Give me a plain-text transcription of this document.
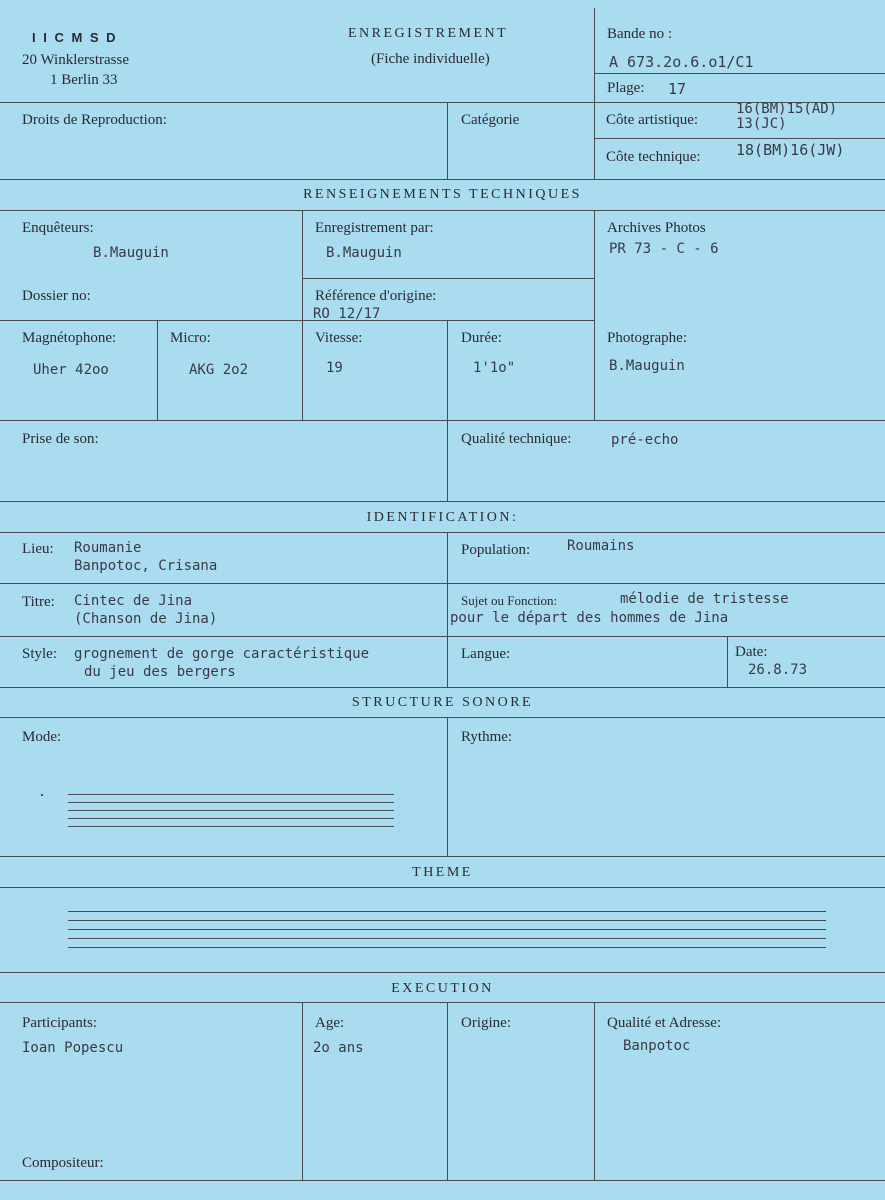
I I C M S D
20 Winklerstrasse
1 Berlin 33
ENREGISTREMENT
(Fiche individuelle)
Bande no :
A 673.2o.6.o1/C1
Plage: 17
Droits de Reproduction:	Catégorie	Côte artistique:
16(BM)15(AD)
13(JC)
Côte technique: 18(BM)16(JW)
RENSEIGNEMENTS TECHNIQUES
Enquêteurs:
B.Mauguin
Enregistrement par:
B.Mauguin
Archives Photos
PR 73 - C - 6
Dossier no:	Référence d'origine:
RO 12/17
Magnétophone:
Uher 42oo
Micro:
AKG 2o2
Vitesse:
19
Durée:
1'1o"
Photographe:
B.Mauguin
Prise de son:	Qualité technique:	pré-echo
IDENTIFICATION:
Lieu: Roumanie
Banpotoc, Crisana
Population:	Roumains
Titre: Cintec de Jina
(Chanson de Jina)
Sujet ou Fonction:	mélodie de tristesse
pour le départ des hommes de Jina
Style: grognement de gorge caractéristique
du jeu des bergers
Langue:	Date:
26.8.73
STRUCTURE SONORE
Mode:	Rythme:
THEME
EXECUTION
Participants:
Ioan Popescu
Age:
2o ans
Origine:	Qualité et Adresse:
Banpotoc
Compositeur:
